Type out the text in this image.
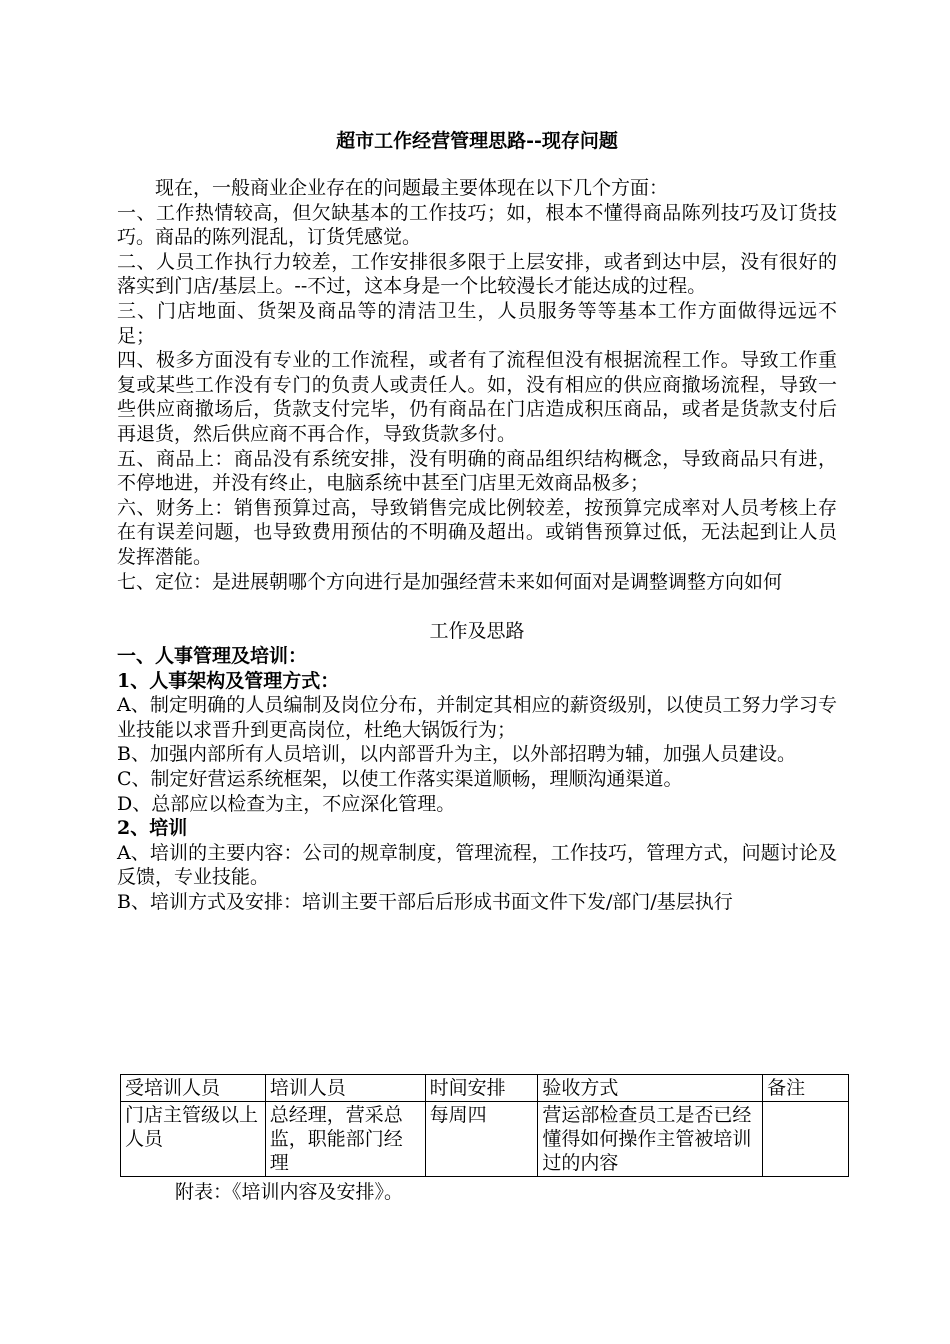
超市工作经营管理思路--现存问题

现在，一般商业企业存在的问题最主要体现在以下几个方面：

一、工作热情较高，但欠缺基本的工作技巧；如，根本不懂得商品陈列技巧及订货技巧。商品的陈列混乱，订货凭感觉。

二、人员工作执行力较差，工作安排很多限于上层安排，或者到达中层，没有很好的落实到门店/基层上。--不过，这本身是一个比较漫长才能达成的过程。

三、门店地面、货架及商品等的清洁卫生，人员服务等等基本工作方面做得远远不足；

四、极多方面没有专业的工作流程，或者有了流程但没有根据流程工作。导致工作重复或某些工作没有专门的负责人或责任人。如，没有相应的供应商撤场流程，导致一些供应商撤场后，货款支付完毕，仍有商品在门店造成积压商品，或者是货款支付后再退货，然后供应商不再合作，导致货款多付。

五、商品上：商品没有系统安排，没有明确的商品组织结构概念，导致商品只有进，不停地进，并没有终止，电脑系统中甚至门店里无效商品极多；

六、财务上：销售预算过高，导致销售完成比例较差，按预算完成率对人员考核上存在有误差问题，也导致费用预估的不明确及超出。或销售预算过低，无法起到让人员发挥潜能。

七、定位：是进展朝哪个方向进行是加强经营未来如何面对是调整调整方向如何

工作及思路

一、人事管理及培训：

1、人事架构及管理方式：

A、制定明确的人员编制及岗位分布，并制定其相应的薪资级别，以使员工努力学习专业技能以求晋升到更高岗位，杜绝大锅饭行为；

B、加强内部所有人员培训，以内部晋升为主，以外部招聘为辅，加强人员建设。

C、制定好营运系统框架，以使工作落实渠道顺畅，理顺沟通渠道。

D、总部应以检查为主，不应深化管理。

2、培训

A、培训的主要内容：公司的规章制度，管理流程，工作技巧，管理方式，问题讨论及反馈，专业技能。

B、培训方式及安排：培训主要干部后后形成书面文件下发/部门/基层执行

受培训人员	培训人员	时间安排	验收方式	备注
门店主管级以上人员	总经理，营采总监，职能部门经理	每周四	营运部检查员工是否已经懂得如何操作主管被培训过的内容	
附表：《培训内容及安排》。
